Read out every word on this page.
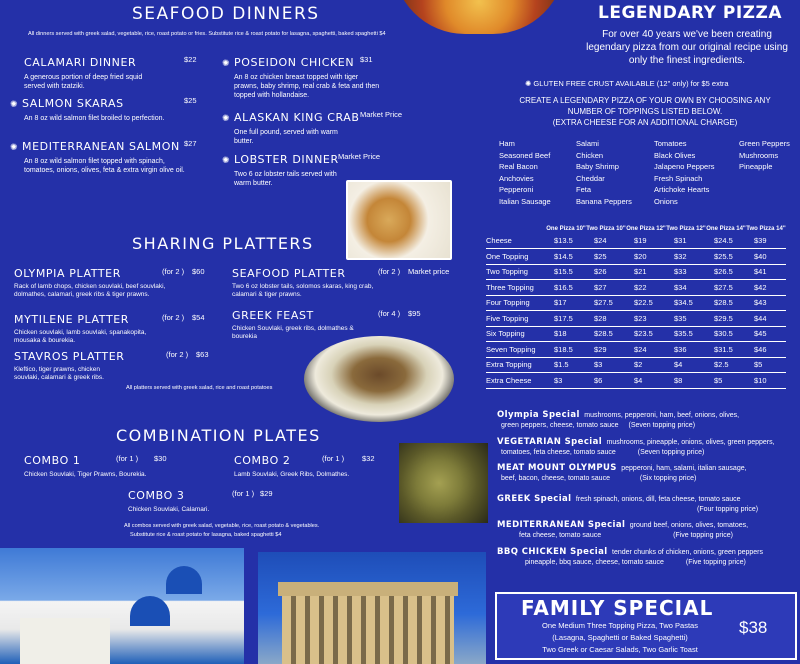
SEAFOOD DINNERS
All dinners served with greek salad, vegetable, rice, roast potato or fries. Substitute rice & roast potato for lasagna, spaghetti, baked spaghetti $4
CALAMARI DINNER	$22
A generous portion of deep fried squid served with tzatziki.
✺ SALMON SKARAS	$25
An 8 oz wild salmon filet broiled to perfection.
✺ MEDITERRANEAN SALMON $27
An 8 oz wild salmon filet topped with spinach, tomatoes, onions, olives, feta & extra virgin olive oil.
✺ POSEIDON CHICKEN $31
An 8 oz chicken breast topped with tiger prawns, baby shrimp, real crab & feta and then topped with hollandaise.
✺ ALASKAN KING CRAB Market Price
One full pound, served with warm butter.
✺ LOBSTER DINNER Market Price
Two 6 oz lobster tails served with warm butter.
SHARING PLATTERS
OLYMPIA PLATTER	(for 2 ) $60
Rack of lamb chops, chicken souvlaki, beef souvlaki, dolmathes, calamari, greek ribs & tiger prawns.
MYTILENE PLATTER	(for 2 ) $54
Chicken souvlaki, lamb souvlaki, spanakopita, mousaka & bourekia.
STAVROS PLATTER	(for 2 ) $63
Kleftico, tiger prawns, chicken souvlaki, calamari & greek ribs.
SEAFOOD PLATTER	(for 2 ) Market price
Two 6 oz lobster tails, solomos skaras, king crab, calamari & tiger prawns.
GREEK FEAST	(for 4 ) $95
Chicken Souvlaki, greek ribs, dolmathes & bourekia
All platters served with greek salad, rice and roast potatoes
COMBINATION PLATES
COMBO 1	(for 1 ) $30
Chicken Souvlaki, Tiger Prawns, Bourekia.
COMBO 2	(for 1 ) $32
Lamb Souvlaki, Greek Ribs, Dolmathes.
COMBO 3	(for 1 ) $29
Chicken Souvlaki, Calamari.
All combos served with greek salad, vegetable, rice, roast potato & vegetables.
Substitute rice & roast potato for lasagna, baked spaghetti $4
LEGENDARY PIZZA
For over 40 years we've been creating legendary pizza from our original recipe using only the finest ingredients.
✺ GLUTEN FREE CRUST AVAILABLE (12" only) for $5 extra
CREATE A LEGENDARY PIZZA OF YOUR OWN BY CHOOSING ANY
NUMBER OF TOPPINGS LISTED BELOW.
(EXTRA CHEESE FOR AN ADDITIONAL CHARGE)
Ham
Seasoned Beef
Real Bacon
Anchovies
Pepperoni
Italian Sausage
Salami
Chicken
Baby Shrimp
Cheddar
Feta
Banana Peppers
Tomatoes
Black Olives
Jalapeno Peppers
Fresh Spinach
Artichoke Hearts
Onions
Green Peppers
Mushrooms
Pineapple
	One Pizza 10"	Two Pizza 10"	One Pizza 12"	Two Pizza 12"	One Pizza 14"	Two Pizza 14"
Cheese	$13.5	$24	$19	$31	$24.5	$39
One Topping	$14.5	$25	$20	$32	$25.5	$40
Two Topping	$15.5	$26	$21	$33	$26.5	$41
Three Topping	$16.5	$27	$22	$34	$27.5	$42
Four Topping	$17	$27.5	$22.5	$34.5	$28.5	$43
Five Topping	$17.5	$28	$23	$35	$29.5	$44
Six Topping	$18	$28.5	$23.5	$35.5	$30.5	$45
Seven Topping	$18.5	$29	$24	$36	$31.5	$46
Extra Topping	$1.5	$3	$2	$4	$2.5	$5
Extra Cheese	$3	$6	$4	$8	$5	$10
Olympia Special mushrooms, pepperoni, ham, beef, onions, olives,
green peppers, cheese, tomato sauce (Seven topping price)
VEGETARIAN Special mushrooms, pineapple, onions, olives, green peppers,
tomatoes, feta cheese, tomato sauce	(Seven topping price)
MEAT MOUNT OLYMPUS pepperoni, ham, salami, italian sausage,
beef, bacon, cheese, tomato sauce	(Six topping price)
GREEK Special fresh spinach, onions, dill, feta cheese, tomato sauce
(Four topping price)
MEDITERRANEAN Special ground beef, onions, olives, tomatoes,
feta cheese, tomato sauce	(Five topping price)
BBQ CHICKEN Special tender chunks of chicken, onions, green peppers
pineapple, bbq sauce, cheese, tomato sauce	(Five topping price)
FAMILY SPECIAL
$38
One Medium Three Topping Pizza, Two Pastas
(Lasagna, Spaghetti or Baked Spaghetti)
Two Greek or Caesar Salads, Two Garlic Toast
